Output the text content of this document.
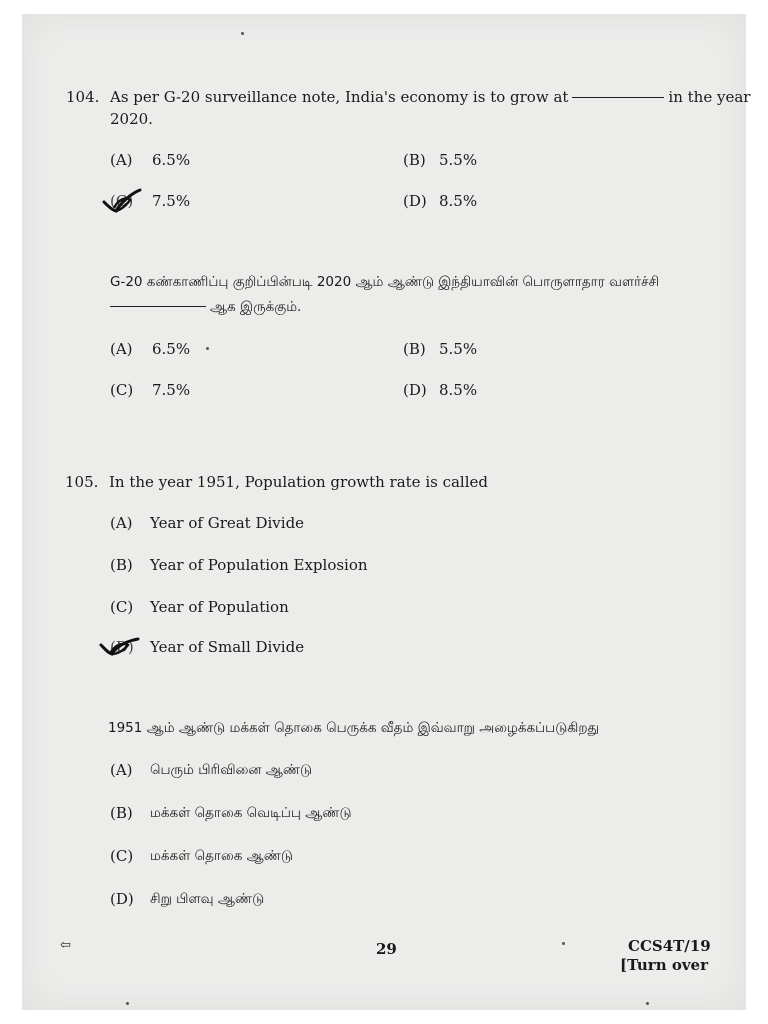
104. As per G-20 surveillance note, India's economy is to grow at	in the year
2020.
(A) 6.5%	(B) 5.5%
(C) 7.5%	(D) 8.5%
G-20 கண்காணிப்பு குறிப்பின்படி 2020 ஆம் ஆண்டு இந்தியாவின் பொருளாதார வளர்ச்சி
ஆக இருக்கும்.
(A) 6.5%	(B) 5.5%
(C) 7.5%	(D) 8.5%
105. In the year 1951, Population growth rate is called
(A) Year of Great Divide
(B) Year of Population Explosion
(C) Year of Population
(D) Year of Small Divide
1951 ஆம் ஆண்டு மக்கள் தொகை பெருக்க வீதம் இவ்வாறு அழைக்கப்படுகிறது
(A) பெரும் பிரிவினை ஆண்டு
(B) மக்கள் தொகை வெடிப்பு ஆண்டு
(C) மக்கள் தொகை ஆண்டு
(D) சிறு பிளவு ஆண்டு
⇦	29	CCS4T/19
[Turn over
